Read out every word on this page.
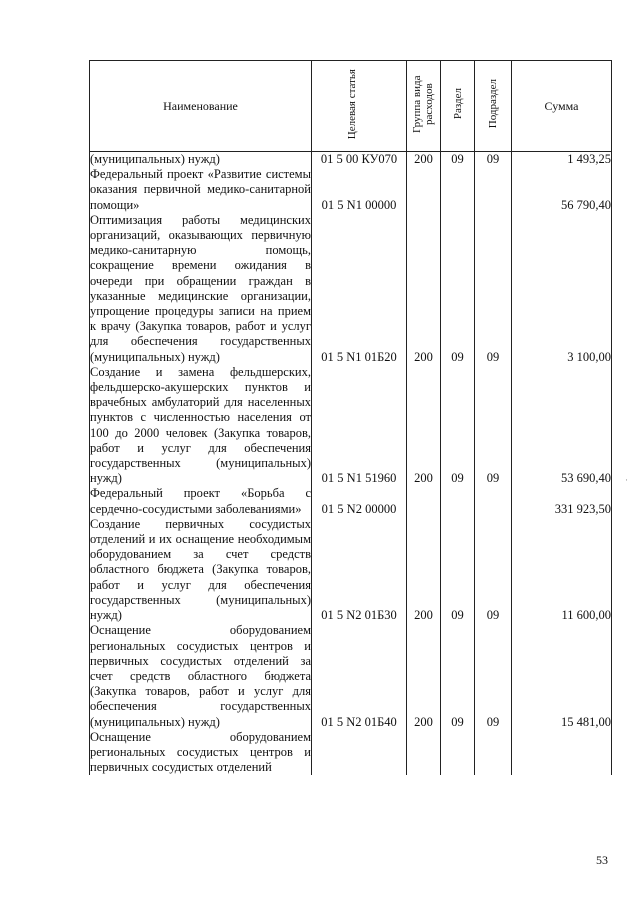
Наименование	Целевая статья	Группа вида расходов	Раздел	Подраздел	Сумма
(муниципальных) нужд)	01 5 00 КУ070	200	09	09	1 493,25
Федеральный проект «Развитие системы оказания первичной медико-санитарной помощи»	01 5 N1 00000				56 790,40
Оптимизация работы медицинских организаций, оказывающих первичную медико-санитарную помощь, сокращение времени ожидания в очереди при обращении граждан в указанные медицинские организации, упрощение процедуры записи на прием к врачу (Закупка товаров, работ и услуг для обеспечения государственных (муниципальных) нужд)	01 5 N1 01Б20	200	09	09	3 100,00
Создание и замена фельдшерских, фельдшерско-акушерских пунктов и врачебных амбулаторий для населенных пунктов с численностью населения от 100 до 2000 человек (Закупка товаров, работ и услуг для обеспечения государственных (муниципальных) нужд)	01 5 N1 51960	200	09	09	53 690,40
Федеральный проект «Борьба с сердечно-сосудистыми заболеваниями»	01 5 N2 00000				331 923,50
Создание первичных сосудистых отделений и их оснащение необходимым оборудованием за счет средств областного бюджета (Закупка товаров, работ и услуг для обеспечения государственных (муниципальных) нужд)	01 5 N2 01Б30	200	09	09	11 600,00
Оснащение оборудованием региональных сосудистых центров и первичных сосудистых отделений за счет средств областного бюджета (Закупка товаров, работ и услуг для обеспечения государственных (муниципальных) нужд)	01 5 N2 01Б40	200	09	09	15 481,00
Оснащение оборудованием региональных сосудистых центров и первичных сосудистых отделений					
·
53
